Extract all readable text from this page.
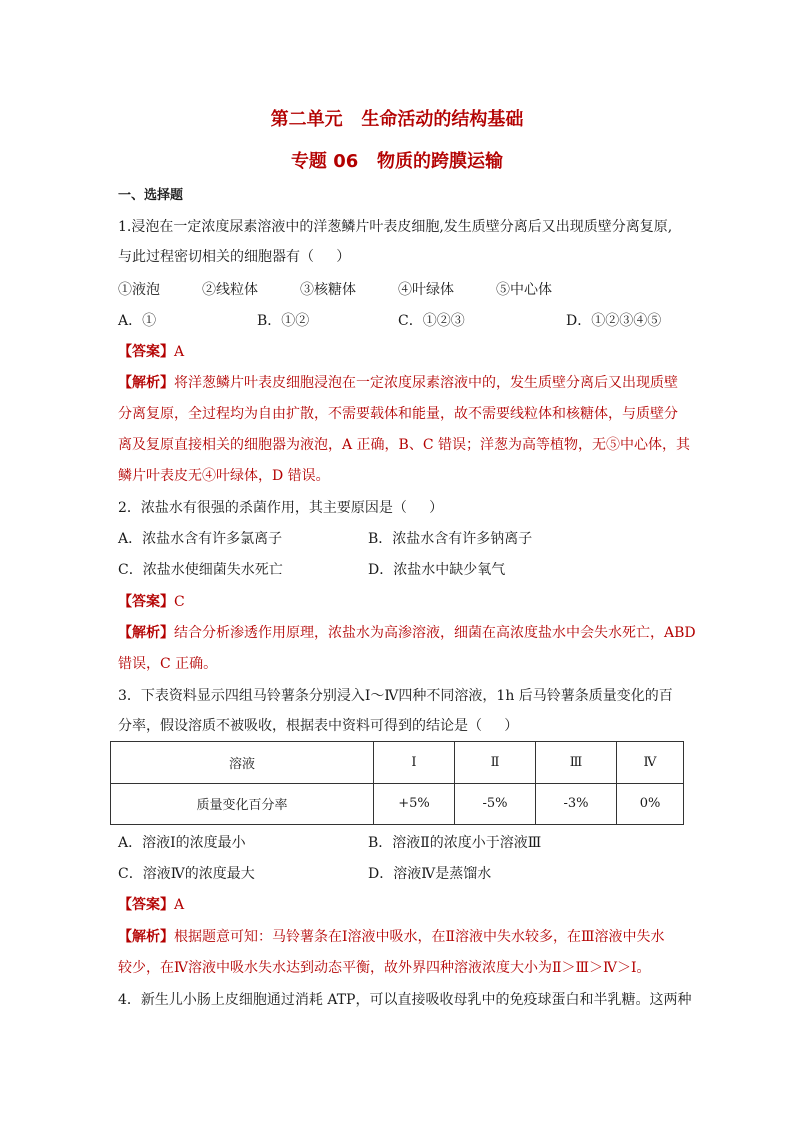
第二单元   生命活动的结构基础
专题 06   物质的跨膜运输
一、选择题
1.浸泡在一定浓度尿素溶液中的洋葱鳞片叶表皮细胞,发生质壁分离后又出现质壁分离复原,
与此过程密切相关的细胞器有（     ）
①液泡	②线粒体	③核糖体	④叶绿体	⑤中心体
A．①	B．①②	C．①②③	D．①②③④⑤
【答案】A
【解析】将洋葱鳞片叶表皮细胞浸泡在一定浓度尿素溶液中的，发生质壁分离后又出现质壁
分离复原，全过程均为自由扩散，不需要载体和能量，故不需要线粒体和核糖体，与质壁分
离及复原直接相关的细胞器为液泡，A 正确，B、C 错误；洋葱为高等植物，无⑤中心体，其
鳞片叶表皮无④叶绿体，D 错误。
2．浓盐水有很强的杀菌作用，其主要原因是（     ）
A．浓盐水含有许多氯离子	B．浓盐水含有许多钠离子
C．浓盐水使细菌失水死亡	D．浓盐水中缺少氧气
【答案】C
【解析】结合分析渗透作用原理，浓盐水为高渗溶液，细菌在高浓度盐水中会失水死亡，ABD
错误，C 正确。
3．下表资料显示四组马铃薯条分别浸入Ⅰ～Ⅳ四种不同溶液，1h 后马铃薯条质量变化的百
分率，假设溶质不被吸收，根据表中资料可得到的结论是（     ）
溶液	Ⅰ	Ⅱ	Ⅲ	Ⅳ
质量变化百分率	+5%	-5%	-3%	0%
A．溶液Ⅰ的浓度最小	B．溶液Ⅱ的浓度小于溶液Ⅲ
C．溶液Ⅳ的浓度最大	D．溶液Ⅳ是蒸馏水
【答案】A
【解析】根据题意可知：马铃薯条在Ⅰ溶液中吸水，在Ⅱ溶液中失水较多，在Ⅲ溶液中失水
较少，在Ⅳ溶液中吸水失水达到动态平衡，故外界四种溶液浓度大小为Ⅱ＞Ⅲ＞Ⅳ＞Ⅰ。
4．新生儿小肠上皮细胞通过消耗 ATP，可以直接吸收母乳中的免疫球蛋白和半乳糖。这两种
